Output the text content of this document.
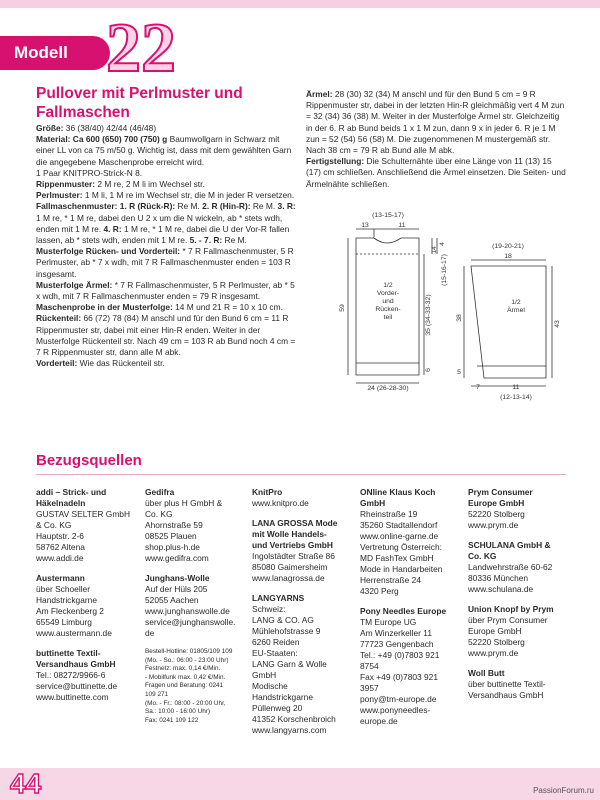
Modell 22
Pullover mit Perlmuster und Fallmaschen

Größe: 36 (38/40) 42/44 (46/48)

Material: Ca 600 (650) 700 (750) g Baumwollgarn in Schwarz mit einer LL von ca 75 m/50 g. Wichtig ist, dass mit dem gewählten Garn die angegebene Maschenprobe erreicht wird.

1 Paar KNITPRO-Strick-N 8.

Rippenmuster: 2 M re, 2 M li im Wechsel str.

Perlmuster: 1 M li, 1 M re im Wechsel str, die M in jeder R versetzen.

Fallmaschenmuster: 1. R (Rück-R): Re M. 2. R (Hin-R): Re M. 3. R: 1 M re, * 1 M re, dabei den U 2 x um die N wickeln, ab * stets wdh, enden mit 1 M re. 4. R: 1 M re, * 1 M re, dabei die U der Vor-R fallen lassen, ab * stets wdh, enden mit 1 M re. 5. - 7. R: Re M.

Musterfolge Rücken- und Vorderteil: * 7 R Fallmaschenmuster, 5 R Perlmuster, ab * 7 x wdh, mit 7 R Fallmaschenmuster enden = 103 R insgesamt.

Musterfolge Ärmel: * 7 R Fallmaschenmuster, 5 R Perlmuster, ab * 5 x wdh, mit 7 R Fallmaschenmuster enden = 79 R insgesamt.

Maschenprobe in der Musterfolge: 14 M und 21 R = 10 x 10 cm.

Rückenteil: 66 (72) 78 (84) M anschl und für den Bund 6 cm = 11 R Rippenmuster str, dabei mit einer Hin-R enden. Weiter in der Musterfolge Rückenteil str. Nach 49 cm = 103 R ab Bund noch 4 cm = 7 R Rippenmuster str, dann alle M abk.

Vorderteil: Wie das Rückenteil str.

Ärmel: 28 (30) 32 (34) M anschl und für den Bund 5 cm = 9 R Rippenmuster str, dabei in der letzten Hin-R gleichmäßig vert 4 M zun = 32 (34) 36 (38) M. Weiter in der Musterfolge Ärmel str. Gleichzeitig in der 6. R ab Bund beids 1 x 1 M zun, dann 9 x in jeder 6. R je 1 M zun = 52 (54) 56 (58) M. Die zugenommenen M mustergemäß str. Nach 38 cm = 79 R ab Bund alle M abk.

Fertigstellung: Die Schulternähte über eine Länge von 11 (13) 15 (17) cm schließen. Anschließend die Ärmel einsetzen. Die Seiten- und Ärmelnähte schließen.

(13-15-17)
13	11
4
(15-16-17)
14
59	35 (34-33-32)
6
1/2
Vorder-
und
Rücken-
teil
24 (26-28-30)
(19-20-21)
18
1/2
Ärmel
38
43
5
7	11
(12-13-14)
Bezugsquellen
addi – Strick- und
Häkelnadeln
GUSTAV SELTER GmbH
& Co. KG
Hauptstr. 2-6
58762 Altena
www.addi.de
Austermann
über Schoeller
Handstrickgarne
Am Fleckenberg 2
65549 Limburg
www.austermann.de
buttinette Textil-
Versandhaus GmbH
Tel.: 08272/9966-6
service@buttinette.de
www.buttinette.com
Gedifra
über plus H GmbH &
Co. KG
Ahornstraße 59
08525 Plauen
shop.plus-h.de
www.gedifra.com
Junghans-Wolle
Auf der Hüls 205
52055 Aachen
www.junghanswolle.de
service@junghanswolle.
de
Bestell-Hotline: 01805/109 109
(Mo. - So.: 06:00 - 23:00 Uhr)
Festnetz: max. 0,14 €/Min.
- Mobilfunk max. 0,42 €/Min.
Fragen und Beratung: 0241
109 271
(Mo. - Fr.: 08:00 - 20:00 Uhr,
Sa.: 10:00 - 16:00 Uhr)
Fax: 0241 109 122
KnitPro
www.knitpro.de
LANA GROSSA Mode
mit Wolle Handels-
und Vertriebs GmbH
Ingolstädter Straße 86
85080 Gaimersheim
www.lanagrossa.de
LANGYARNS
Schweiz:
LANG & CO. AG
Mühlehofstrasse 9
6260 Reiden
EU-Staaten:
LANG Garn & Wolle
GmbH
Modische
Handstrickgarne
Püllenweg 20
41352 Korschenbroich
www.langyarns.com
ONline Klaus Koch
GmbH
Rheinstraße 19
35260 Stadtallendorf
www.online-garne.de
Vertretung Österreich:
MD FashTex GmbH
Mode in Handarbeiten
Herrenstraße 24
4320 Perg
Pony Needles Europe
TM Europe UG
Am Winzerkeller 11
77723 Gengenbach
Tel.: +49 (0)7803 921
8754
Fax +49 (0)7803 921
3957
pony@tm-europe.de
www.ponyneedles-
europe.de
Prym Consumer
Europe GmbH
52220 Stolberg
www.prym.de
SCHULANA GmbH &
Co. KG
Landwehrstraße 60-62
80336 München
www.schulana.de
Union Knopf by Prym
über Prym Consumer
Europe GmbH
52220 Stolberg
www.prym.de
Woll Butt
über buttinette Textil-
Versandhaus GmbH
44	PassionForum.ru
